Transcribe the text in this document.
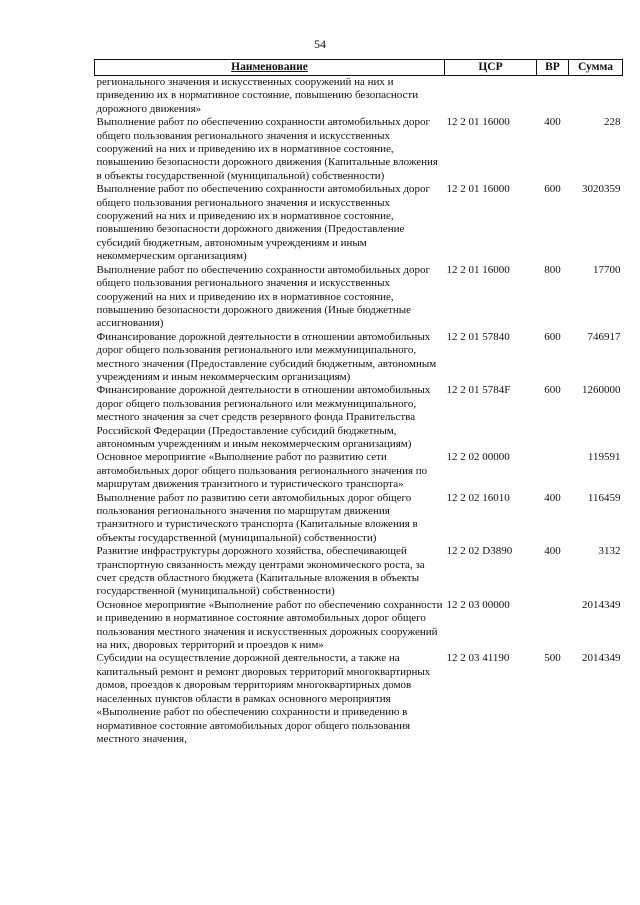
54
Наименование	ЦСР	ВР	Сумма
регионального значения и искусственных сооружений на них и приведению их в нормативное состояние, повышению безопасности дорожного движения»			
Выполнение работ по обеспечению сохранности автомобильных дорог общего пользования регионального значения и искусственных сооружений на них и приведению их в нормативное состояние, повышению безопасности дорожного движения (Капитальные вложения в объекты государственной (муниципальной) собственности)	12 2 01 16000	400	228
Выполнение работ по обеспечению сохранности автомобильных дорог общего пользования регионального значения и искусственных сооружений на них и приведению их в нормативное состояние, повышению безопасности дорожного движения (Предоставление субсидий бюджетным, автономным учреждениям и иным некоммерческим организациям)	12 2 01 16000	600	3020359
Выполнение работ по обеспечению сохранности автомобильных дорог общего пользования регионального значения и искусственных сооружений на них и приведению их в нормативное состояние, повышению безопасности дорожного движения (Иные бюджетные ассигнования)	12 2 01 16000	800	17700
Финансирование дорожной деятельности в отношении автомобильных дорог общего пользования регионального или межмуниципального, местного значения (Предоставление субсидий бюджетным, автономным учреждениям и иным некоммерческим организациям)	12 2 01 57840	600	746917
Финансирование дорожной деятельности в отношении автомобильных дорог общего пользования регионального или межмуниципального, местного значения за счет средств резервного фонда Правительства Российской Федерации (Предоставление субсидий бюджетным, автономным учреждениям и иным некоммерческим организациям)	12 2 01 5784F	600	1260000
Основное мероприятие «Выполнение работ по развитию сети автомобильных дорог общего пользования регионального значения по маршрутам движения транзитного и туристического транспорта»	12 2 02 00000		119591
Выполнение работ по развитию сети автомобильных дорог общего пользования регионального значения по маршрутам движения транзитного и туристического транспорта (Капитальные вложения в объекты государственной (муниципальной) собственности)	12 2 02 16010	400	116459
Развитие инфраструктуры дорожного хозяйства, обеспечивающей транспортную связанность между центрами экономического роста, за счет средств областного бюджета (Капитальные вложения в объекты государственной (муниципальной) собственности)	12 2 02 D3890	400	3132
Основное мероприятие «Выполнение работ по обеспечению сохранности и приведению в нормативное состояние автомобильных дорог общего пользования местного значения и искусственных дорожных сооружений на них, дворовых территорий и проездов к ним»	12 2 03 00000		2014349
Субсидии на осуществление дорожной деятельности, а также на капитальный ремонт и ремонт дворовых территорий многоквартирных домов, проездов к дворовым территориям многоквартирных домов населенных пунктов области в рамках основного мероприятия «Выполнение работ по обеспечению сохранности и приведению в нормативное состояние автомобильных дорог общего пользования местного значения,	12 2 03 41190	500	2014349
